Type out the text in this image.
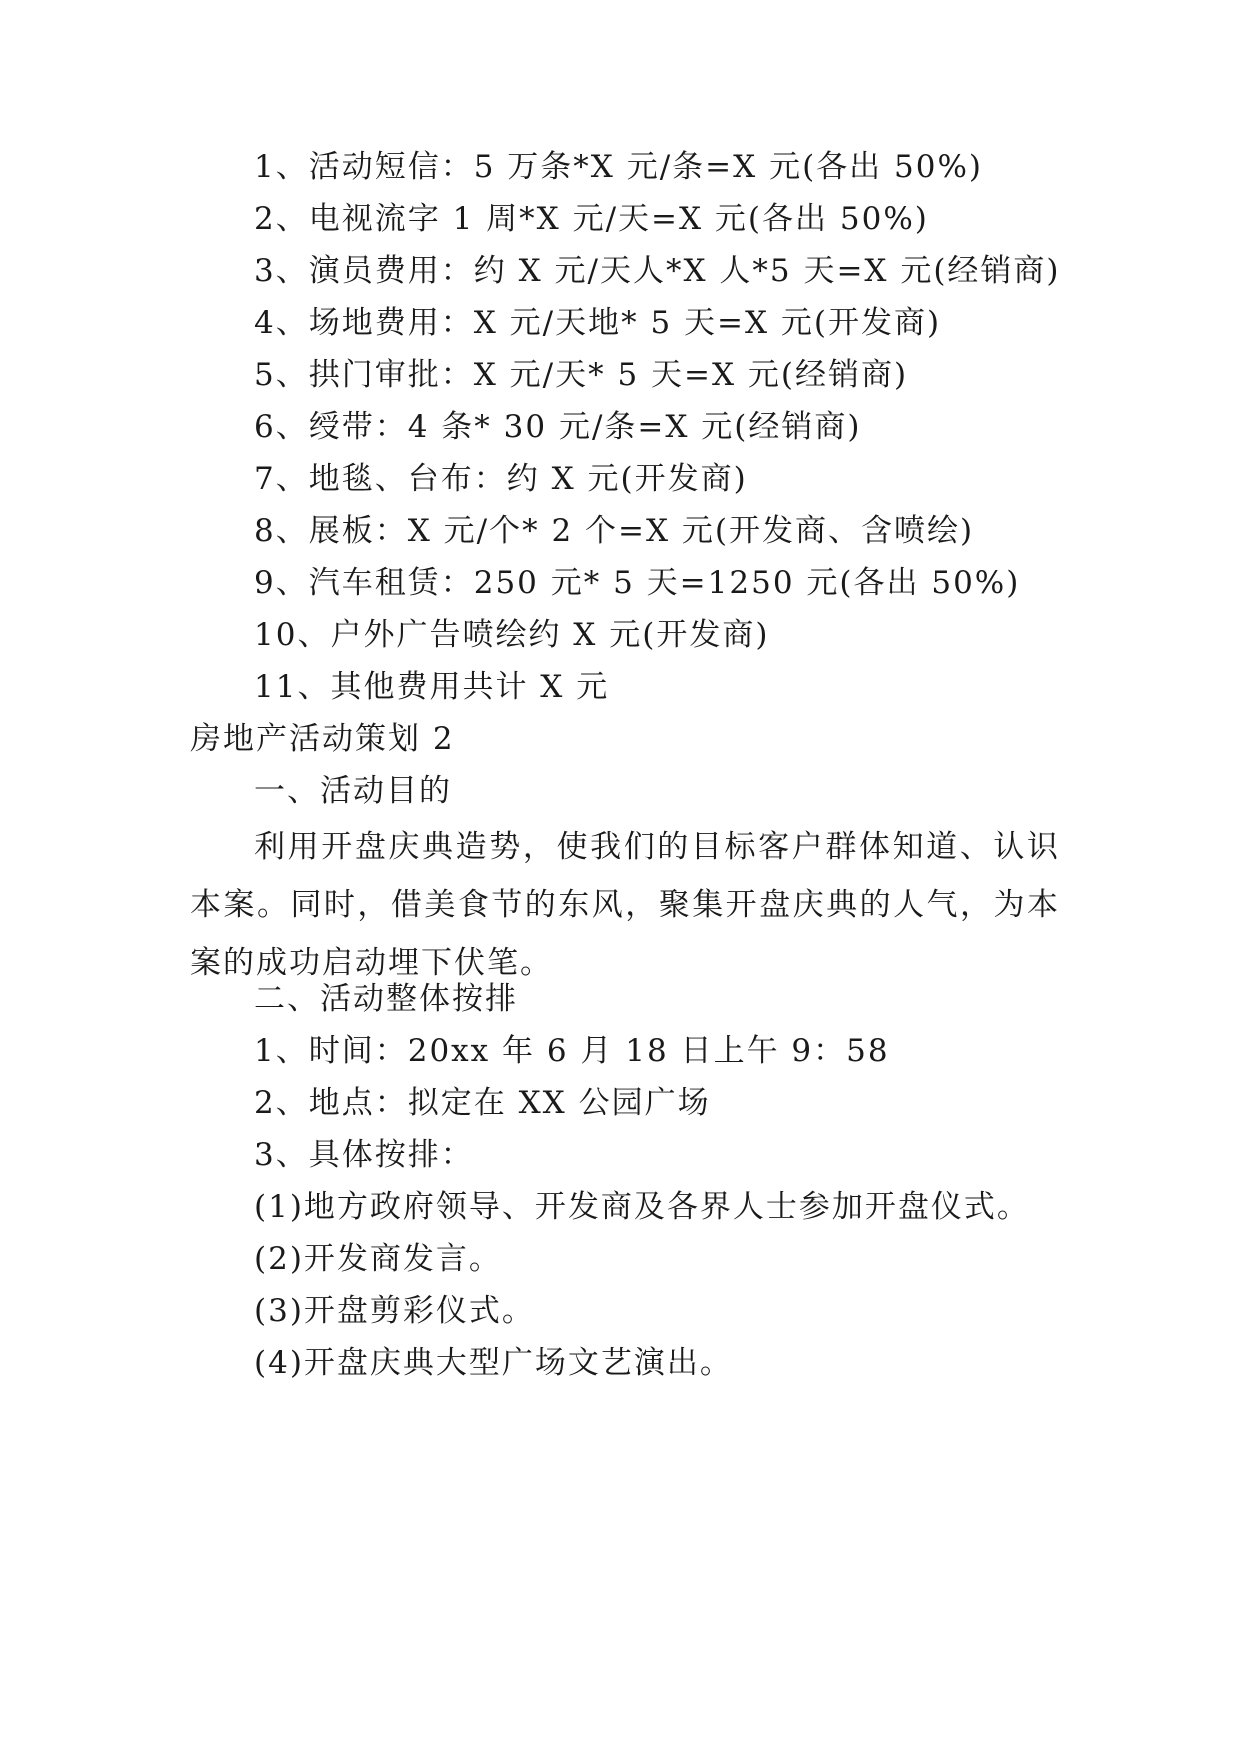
1、活动短信：5 万条*X 元/条=X 元(各出 50%)

2、电视流字 1 周*X 元/天=X 元(各出 50%)

3、演员费用：约 X 元/天人*X 人*5 天=X 元(经销商)

4、场地费用：X 元/天地* 5 天=X 元(开发商)

5、拱门审批：X 元/天* 5 天=X 元(经销商)

6、绶带：4 条* 30 元/条=X 元(经销商)

7、地毯、台布：约 X 元(开发商)

8、展板：X 元/个* 2 个=X 元(开发商、含喷绘)

9、汽车租赁：250 元* 5 天=1250 元(各出 50%)

10、户外广告喷绘约 X 元(开发商)

11、其他费用共计 X 元

房地产活动策划 2

一、活动目的

利用开盘庆典造势，使我们的目标客户群体知道、认识本案。同时，借美食节的东风，聚集开盘庆典的人气，为本案的成功启动埋下伏笔。

二、活动整体按排

1、时间：20xx 年 6 月 18 日上午 9：58

2、地点：拟定在 XX 公园广场

3、具体按排：

(1)地方政府领导、开发商及各界人士参加开盘仪式。

(2)开发商发言。

(3)开盘剪彩仪式。

(4)开盘庆典大型广场文艺演出。
